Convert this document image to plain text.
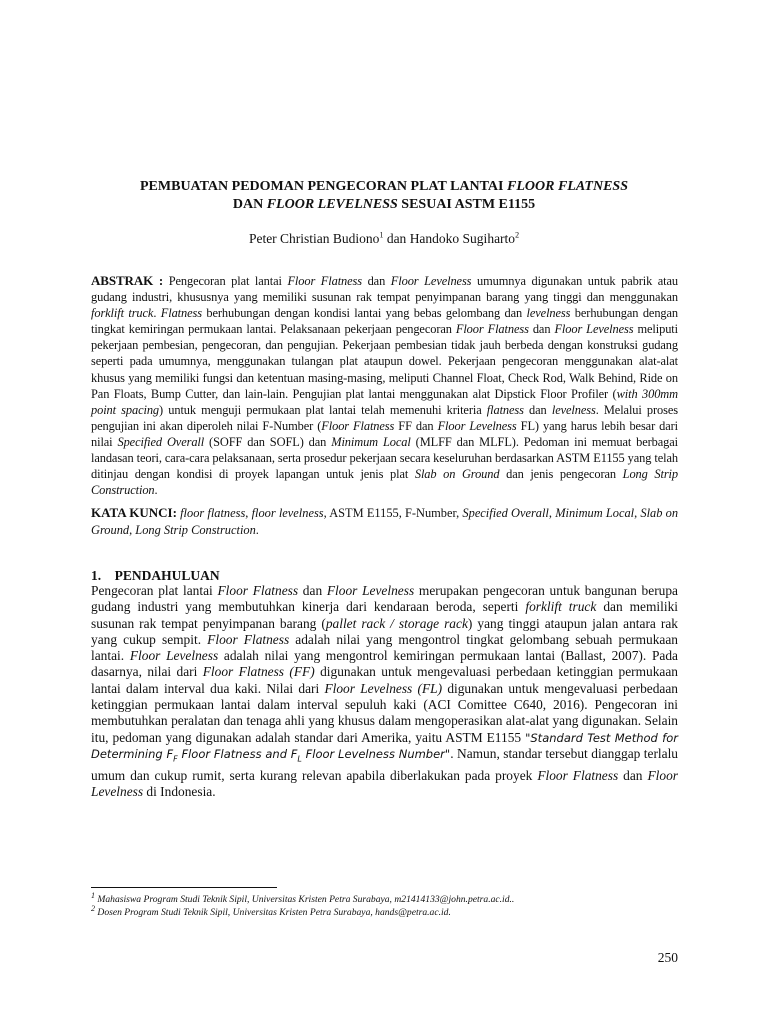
PEMBUATAN PEDOMAN PENGECORAN PLAT LANTAI FLOOR FLATNESS
DAN FLOOR LEVELNESS SESUAI ASTM E1155
Peter Christian Budiono$^1$ dan Handoko Sugiharto$^2$
ABSTRAK : Pengecoran plat lantai Floor Flatness dan Floor Levelness umumnya digunakan untuk pabrik atau gudang industri, khususnya yang memiliki susunan rak tempat penyimpanan barang yang tinggi dan menggunakan forklift truck. Flatness berhubungan dengan kondisi lantai yang bebas gelombang dan levelness berhubungan dengan tingkat kemiringan permukaan lantai. Pelaksanaan pekerjaan pengecoran Floor Flatness dan Floor Levelness meliputi pekerjaan pembesian, pengecoran, dan pengujian. Pekerjaan pembesian tidak jauh berbeda dengan konstruksi gudang seperti pada umumnya, menggunakan tulangan plat ataupun dowel. Pekerjaan pengecoran menggunakan alat-alat khusus yang memiliki fungsi dan ketentuan masing-masing, meliputi Channel Float, Check Rod, Walk Behind, Ride on Pan Floats, Bump Cutter, dan lain-lain. Pengujian plat lantai menggunakan alat Dipstick Floor Profiler (with 300mm point spacing) untuk menguji permukaan plat lantai telah memenuhi kriteria flatness dan levelness. Melalui proses pengujian ini akan diperoleh nilai F-Number (Floor Flatness FF dan Floor Levelness FL) yang harus lebih besar dari nilai Specified Overall (SOFF dan SOFL) dan Minimum Local (MLFF dan MLFL). Pedoman ini memuat berbagai landasan teori, cara-cara pelaksanaan, serta prosedur pekerjaan secara keseluruhan berdasarkan ASTM E1155 yang telah ditinjau dengan kondisi di proyek lapangan untuk jenis plat Slab on Ground dan jenis pengecoran Long Strip Construction.
KATA KUNCI: floor flatness, floor levelness, ASTM E1155, F-Number, Specified Overall, Minimum Local, Slab on Ground, Long Strip Construction.
1.    PENDAHULUAN
Pengecoran plat lantai Floor Flatness dan Floor Levelness merupakan pengecoran untuk bangunan berupa gudang industri yang membutuhkan kinerja dari kendaraan beroda, seperti forklift truck dan memiliki susunan rak tempat penyimpanan barang (pallet rack / storage rack) yang tinggi ataupun jalan antara rak yang cukup sempit. Floor Flatness adalah nilai yang mengontrol tingkat gelombang sebuah permukaan lantai. Floor Levelness adalah nilai yang mengontrol kemiringan permukaan lantai (Ballast, 2007). Pada dasarnya, nilai dari Floor Flatness (FF) digunakan untuk mengevaluasi perbedaan ketinggian permukaan lantai dalam interval dua kaki. Nilai dari Floor Levelness (FL) digunakan untuk mengevaluasi perbedaan ketinggian permukaan lantai dalam interval sepuluh kaki (ACI Comittee C640, 2016). Pengecoran ini membutuhkan peralatan dan tenaga ahli yang khusus dalam mengoperasikan alat-alat yang digunakan. Selain itu, pedoman yang digunakan adalah standar dari Amerika, yaitu ASTM E1155 "Standard Test Method for Determining $F_F$ Floor Flatness and $F_L$ Floor Levelness Number". Namun, standar tersebut dianggap terlalu umum dan cukup rumit, serta kurang relevan apabila diberlakukan pada proyek Floor Flatness dan Floor Levelness di Indonesia.
$^1$ Mahasiswa Program Studi Teknik Sipil, Universitas Kristen Petra Surabaya, m21414133@john.petra.ac.id..
$^2$ Dosen Program Studi Teknik Sipil, Universitas Kristen Petra Surabaya, hands@petra.ac.id.
250
